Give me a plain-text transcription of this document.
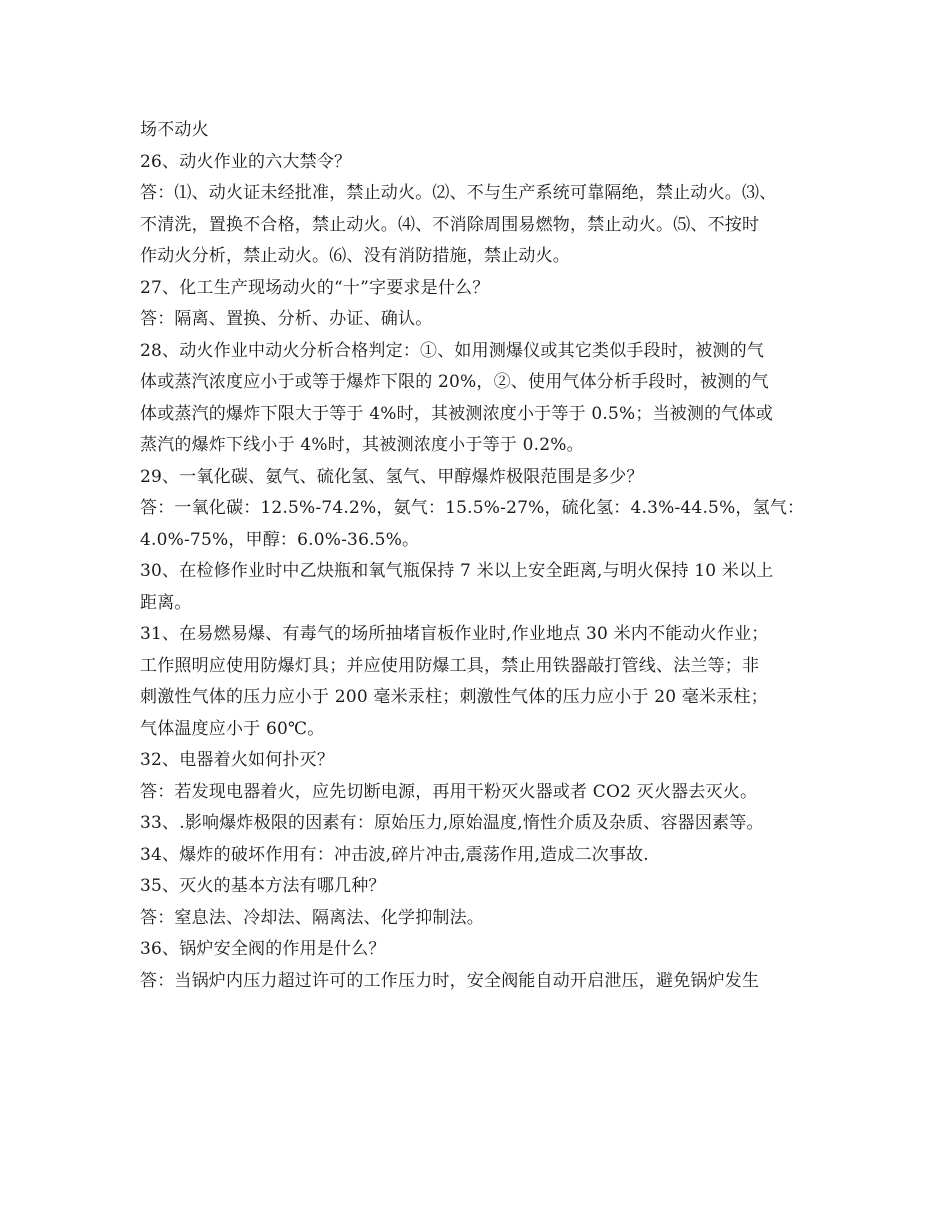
场不动火
26、动火作业的六大禁令？
答：⑴、动火证未经批准，禁止动火。⑵、不与生产系统可靠隔绝，禁止动火。⑶、
不清洗，置换不合格，禁止动火。⑷、不消除周围易燃物，禁止动火。⑸、不按时
作动火分析，禁止动火。⑹、没有消防措施，禁止动火。
27、化工生产现场动火的“十”字要求是什么？
答：隔离、置换、分析、办证、确认。
28、动火作业中动火分析合格判定：①、如用测爆仪或其它类似手段时，被测的气
体或蒸汽浓度应小于或等于爆炸下限的 20%，②、使用气体分析手段时，被测的气
体或蒸汽的爆炸下限大于等于 4%时，其被测浓度小于等于 0.5%；当被测的气体或
蒸汽的爆炸下线小于 4%时，其被测浓度小于等于 0.2%。
29、一氧化碳、氨气、硫化氢、氢气、甲醇爆炸极限范围是多少？
答：一氧化碳：12.5%-74.2%，氨气：15.5%-27%，硫化氢：4.3%-44.5%，氢气：
4.0%-75%，甲醇：6.0%-36.5%。
30、在检修作业时中乙炔瓶和氧气瓶保持 7 米以上安全距离,与明火保持 10 米以上
距离。
31、在易燃易爆、有毒气的场所抽堵盲板作业时,作业地点 30 米内不能动火作业；
工作照明应使用防爆灯具；并应使用防爆工具，禁止用铁器敲打管线、法兰等；非
刺激性气体的压力应小于 200 毫米汞柱；刺激性气体的压力应小于 20 毫米汞柱；
气体温度应小于 60℃。
32、电器着火如何扑灭？
答：若发现电器着火，应先切断电源，再用干粉灭火器或者 CO2 灭火器去灭火。
33、.影响爆炸极限的因素有：原始压力,原始温度,惰性介质及杂质、容器因素等。
34、爆炸的破坏作用有：冲击波,碎片冲击,震荡作用,造成二次事故.
35、灭火的基本方法有哪几种？
答：窒息法、冷却法、隔离法、化学抑制法。
36、锅炉安全阀的作用是什么？
答：当锅炉内压力超过许可的工作压力时，安全阀能自动开启泄压，避免锅炉发生
